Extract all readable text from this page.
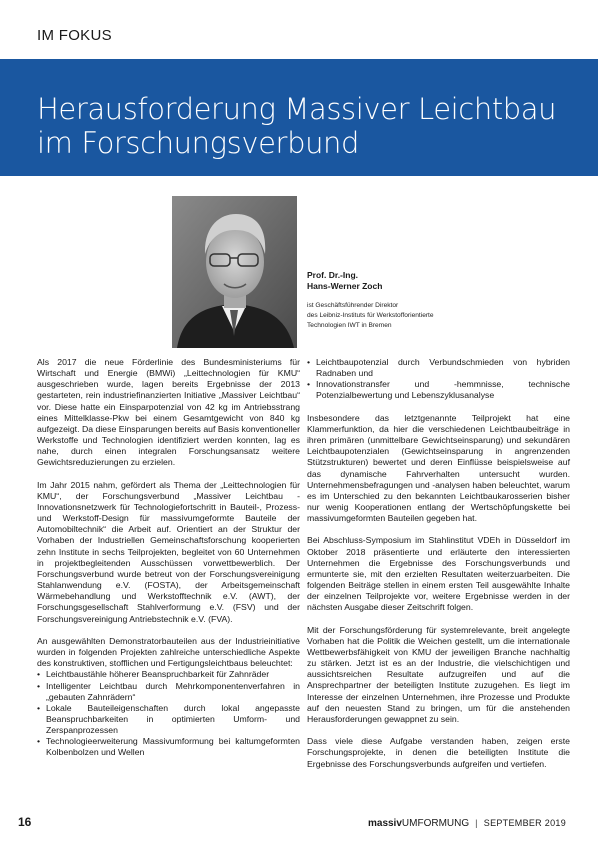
IM FOKUS
Herausforderung Massiver Leichtbau im Forschungsverbund
Prof. Dr.-Ing.
Hans-Werner Zoch
ist Geschäftsführender Direktor
des Leibniz-Instituts für Werkstofforientierte
Technologien IWT in Bremen

Als 2017 die neue Förderlinie des Bundesministeriums für Wirtschaft und Energie (BMWi) „Leittechnologien für KMU“ ausgeschrieben wurde, lagen bereits Ergebnisse der 2013 gestarteten, rein industriefinanzierten Initiative „Massiver Leichtbau“ vor. Diese hatte ein Einsparpotenzial von 42 kg im Antriebsstrang eines Mittelklasse-Pkw bei einem Gesamtgewicht von 840 kg aufgezeigt. Da diese Einsparungen bereits auf Basis konventioneller Werkstoffe und Technologien identifiziert werden konnten, lag es nahe, durch einen integralen Forschungsansatz weitere Gewichtsreduzierungen zu erzielen.

Im Jahr 2015 nahm, gefördert als Thema der „Leittechnologien für KMU“, der Forschungsverbund „Massiver Leichtbau - Innovationsnetzwerk für Technologiefortschritt in Bauteil-, Prozess- und Werkstoff-Design für massivumgeformte Bauteile der Automobiltechnik“ die Arbeit auf. Orientiert an der Struktur der Vorhaben der Industriellen Gemeinschaftsforschung kooperierten zehn Institute in sechs Teilprojekten, begleitet von 60 Unternehmen in projektbegleitenden Ausschüssen vorwettbewerblich. Der Forschungsverbund wurde betreut von der Forschungsvereinigung Stahlanwendung e.V. (FOSTA), der Arbeitsgemeinschaft Wärmebehandlung und Werkstofftechnik e.V. (AWT), der Forschungsgesellschaft Stahlverformung e.V. (FSV) und der Forschungsvereinigung Antriebstechnik e.V. (FVA).

An ausgewählten Demonstratorbauteilen aus der Industrieinitiative wurden in folgenden Projekten zahlreiche unterschiedliche Aspekte des konstruktiven, stofflichen und Fertigungsleichtbaus beleuchtet:

• Leichtbaustähle höherer Beanspruchbarkeit für Zahnräder
• Intelligenter Leichtbau durch Mehrkomponentenverfahren in „gebauten Zahnrädern“
• Lokale Bauteileigenschaften durch lokal angepasste Beanspruchbarkeiten in optimierten Umform- und Zerspanprozessen
• Technologieerweiterung Massivumformung bei kaltumgeformten Kolbenbolzen und Wellen
• Leichtbaupotenzial durch Verbundschmieden von hybriden Radnaben und
• Innovationstransfer und -hemmnisse, technische Potenzialbewertung und Lebenszyklusanalyse

Insbesondere das letztgenannte Teilprojekt hat eine Klammerfunktion, da hier die verschiedenen Leichtbaubeiträge in ihren primären (unmittelbare Gewichtseinsparung) und sekundären Leichtbaupotenzialen (Gewichtseinsparung in angrenzenden Stützstrukturen) bewertet und deren Einflüsse beispielsweise auf das dynamische Fahrverhalten untersucht wurden. Unternehmensbefragungen und -analysen haben beleuchtet, warum es im Unterschied zu den bekannten Leichtbaukarosserien bisher nur wenig Kooperationen entlang der Wertschöpfungskette bei massivumgeformten Bauteilen gegeben hat.

Bei Abschluss-Symposium im Stahlinstitut VDEh in Düsseldorf im Oktober 2018 präsentierte und erläuterte den interessierten Unternehmen die Ergebnisse des Forschungsverbunds und ermunterte sie, mit den erzielten Resultaten weiterzuarbeiten. Die folgenden Beiträge stellen in einem ersten Teil ausgewählte Inhalte der einzelnen Teilprojekte vor, weitere Ergebnisse werden in der nächsten Ausgabe dieser Zeitschrift folgen.

Mit der Forschungsförderung für systemrelevante, breit angelegte Vorhaben hat die Politik die Weichen gestellt, um die internationale Wettbewerbsfähigkeit von KMU der jeweiligen Branche nachhaltig zu stärken. Jetzt ist es an der Industrie, die vielschichtigen und aussichtsreichen Resultate aufzugreifen und auf die Ansprechpartner der beteiligten Institute zuzugehen. Es liegt im Interesse der einzelnen Unternehmen, ihre Prozesse und Produkte auf den neuesten Stand zu bringen, um für die anstehenden Herausforderungen gewappnet zu sein.

Dass viele diese Aufgabe verstanden haben, zeigen erste Forschungsprojekte, in denen die beteiligten Institute die Ergebnisse des Forschungsverbunds aufgreifen und vertiefen.

16	massivUMFORMUNG | SEPTEMBER 2019
